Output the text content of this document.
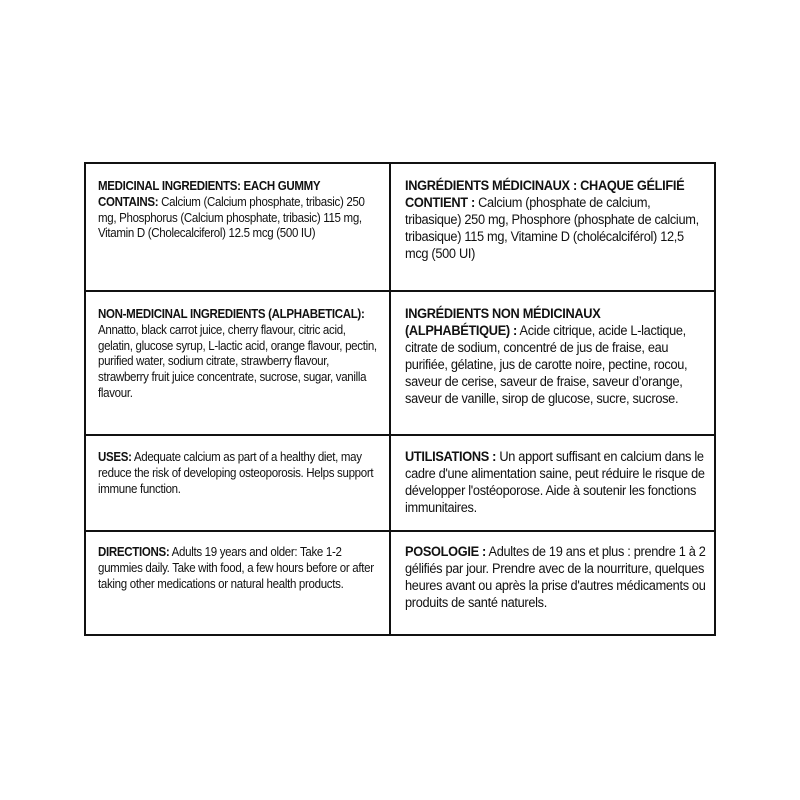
MEDICINAL INGREDIENTS: EACH GUMMY CONTAINS: Calcium (Calcium phosphate, tribasic) 250 mg, Phosphorus (Calcium phosphate, tribasic) 115 mg, Vitamin D (Cholecalciferol) 12.5 mcg (500 IU)

INGRÉDIENTS MÉDICINAUX : CHAQUE GÉLIFIÉ CONTIENT : Calcium (phosphate de calcium, tribasique) 250 mg, Phosphore (phosphate de calcium, tribasique) 115 mg, Vitamine D (cholécalciférol) 12,5 mcg (500 UI)

NON-MEDICINAL INGREDIENTS (ALPHABETICAL): Annatto, black carrot juice, cherry flavour, citric acid, gelatin, glucose syrup, L-lactic acid, orange flavour, pectin, purified water, sodium citrate, strawberry flavour, strawberry fruit juice concentrate, sucrose, sugar, vanilla flavour.

INGRÉDIENTS NON MÉDICINAUX (ALPHABÉTIQUE) : Acide citrique, acide L-lactique, citrate de sodium, concentré de jus de fraise, eau purifiée, gélatine, jus de carotte noire, pectine, rocou, saveur de cerise, saveur de fraise, saveur d’orange, saveur de vanille, sirop de glucose, sucre, sucrose.

USES: Adequate calcium as part of a healthy diet, may reduce the risk of developing osteoporosis. Helps support immune function.

UTILISATIONS : Un apport suffisant en calcium dans le cadre d'une alimentation saine, peut réduire le risque de développer l'ostéoporose. Aide à soutenir les fonctions immunitaires.

DIRECTIONS: Adults 19 years and older: Take 1-2 gummies daily. Take with food, a few hours before or after taking other medications or natural health products.

POSOLOGIE : Adultes de 19 ans et plus : prendre 1 à 2 gélifiés par jour. Prendre avec de la nourriture, quelques heures avant ou après la prise d'autres médicaments ou produits de santé naturels.
